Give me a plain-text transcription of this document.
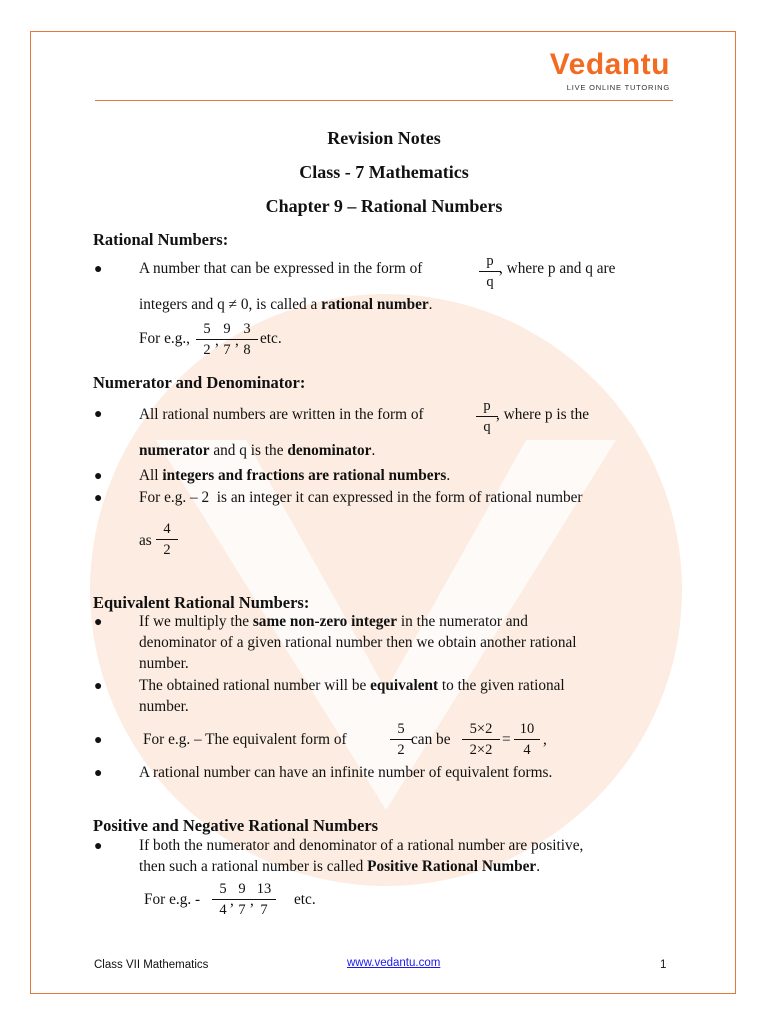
Vedantu
LIVE ONLINE TUTORING
Revision Notes
Class - 7 Mathematics
Chapter 9 – Rational Numbers
Rational Numbers:
● A number that can be expressed in the form of	p
q
, where p and q are
integers and q ≠ 0, is called a rational number.
For e.g.,
5
2
,
9
7
,
3
8
etc.
Numerator and Denominator:
● All rational numbers are written in the form of	p
q
, where p is the
numerator and q is the denominator.
● All integers and fractions are rational numbers.
● For e.g. – 2 is an integer it can expressed in the form of rational number
as
4
2
Equivalent Rational Numbers:
● If we multiply the same non-zero integer in the numerator and
denominator of a given rational number then we obtain another rational
number.
● The obtained rational number will be equivalent to the given rational
number.
●	For e.g. – The equivalent form of
5
2
can be
5×2
2×2
=
10
4
,
● A rational number can have an infinite number of equivalent forms.
Positive and Negative Rational Numbers
● If both the numerator and denominator of a rational number are positive,
then such a rational number is called Positive Rational Number.
For e.g. -
5
4
,
9
7
,
13
7
etc.
Class VII Mathematics	www.vedantu.com	1
